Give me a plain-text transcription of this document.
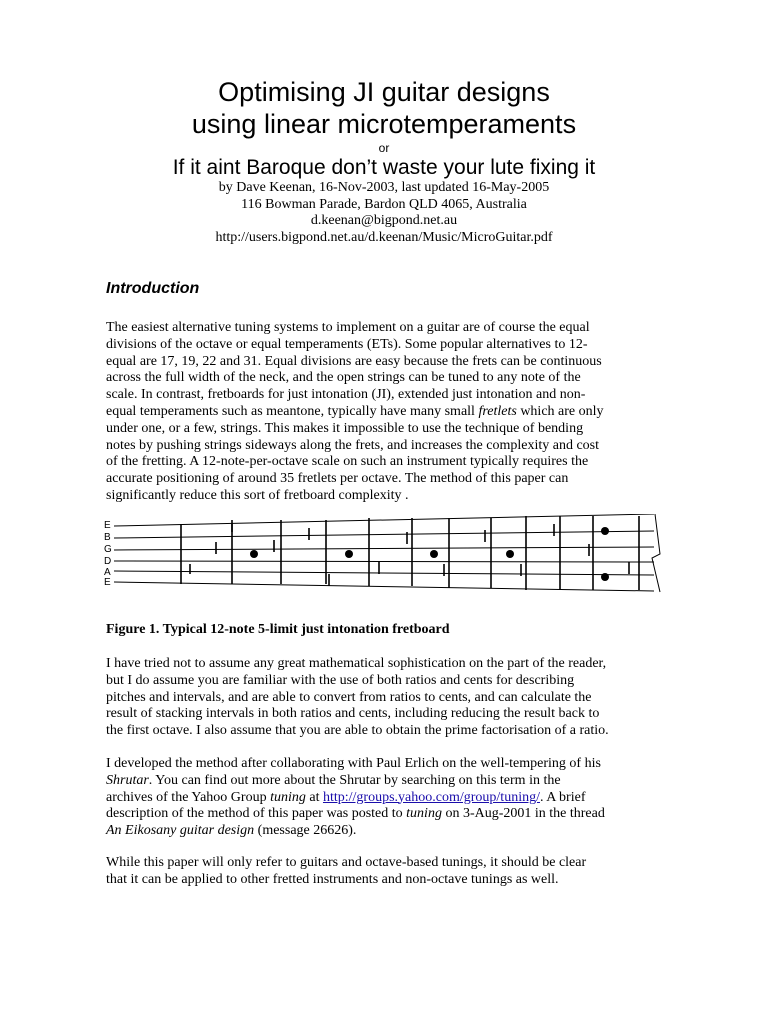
Optimising JI guitar designs
using linear microtemperaments
or
If it aint Baroque don’t waste your lute fixing it
by Dave Keenan, 16-Nov-2003, last updated 16-May-2005
116 Bowman Parade, Bardon QLD 4065, Australia
d.keenan@bigpond.net.au
http://users.bigpond.net.au/d.keenan/Music/MicroGuitar.pdf
Introduction

The easiest alternative tuning systems to implement on a guitar are of course the equal
divisions of the octave or equal temperaments (ETs). Some popular alternatives to 12-
equal are 17, 19, 22 and 31. Equal divisions are easy because the frets can be continuous
across the full width of the neck, and the open strings can be tuned to any note of the
scale. In contrast, fretboards for just intonation (JI), extended just intonation and non-
equal temperaments such as meantone, typically have many small fretlets which are only
under one, or a few, strings. This makes it impossible to use the technique of bending
notes by pushing strings sideways along the frets, and increases the complexity and cost
of the fretting. A 12-note-per-octave scale on such an instrument typically requires the
accurate positioning of around 35 fretlets per octave. The method of this paper can
significantly reduce this sort of fretboard complexity .

E
B
G
D
A
E

Figure 1. Typical 12-note 5-limit just intonation fretboard

I have tried not to assume any great mathematical sophistication on the part of the reader,
but I do assume you are familiar with the use of both ratios and cents for describing
pitches and intervals, and are able to convert from ratios to cents, and can calculate the
result of stacking intervals in both ratios and cents, including reducing the result back to
the first octave. I also assume that you are able to obtain the prime factorisation of a ratio.

I developed the method after collaborating with Paul Erlich on the well-tempering of his
Shrutar. You can find out more about the Shrutar by searching on this term in the
archives of the Yahoo Group tuning at http://groups.yahoo.com/group/tuning/. A brief
description of the method of this paper was posted to tuning on 3-Aug-2001 in the thread
An Eikosany guitar design (message 26626).

While this paper will only refer to guitars and octave-based tunings, it should be clear
that it can be applied to other fretted instruments and non-octave tunings as well.
